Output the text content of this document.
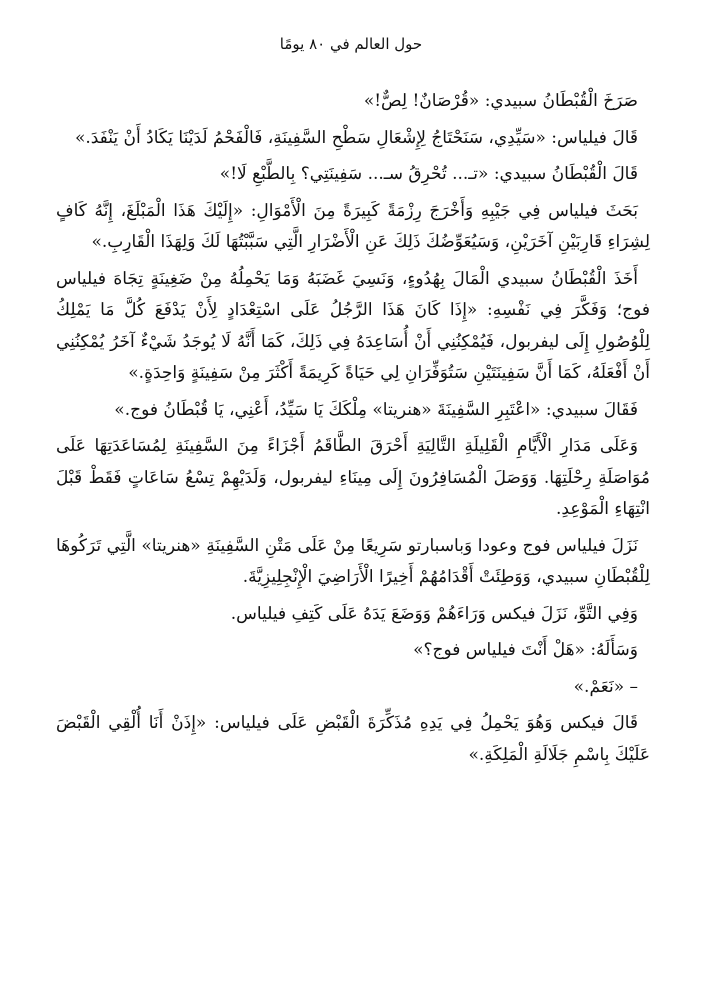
حول العالم في ٨٠ يومًا

صَرَخَ الْقُبْطَانُ سبيدي: «قُرْصَانٌ! لِصٌّ!»

قَالَ فيلياس: «سَيِّدِي، سَنَحْتَاجُ لِإِشْعَالِ سَطْحِ السَّفِينَةِ، فَالْفَحْمُ لَدَيْنَا يَكَادُ أَنْ يَنْفَدَ.»

قَالَ الْقُبْطَانُ سبيدي: «تـ... تُحْرِقُ سـ... سَفِينَتِي؟ بِالطَّبْعِ لَا!»

بَحَثَ فيلياس فِي جَيْبِهِ وَأَخْرَجَ رِزْمَةً كَبِيرَةً مِنَ الْأَمْوَالِ: «إِلَيْكَ هَذَا الْمَبْلَغَ، إِنَّهُ كَافٍ لِشِرَاءِ قَارِبَيْنِ آخَرَيْنِ، وَسَيُعَوِّضُكَ ذَلِكَ عَنِ الْأَضْرَارِ الَّتِي سَبَّبْتُهَا لَكَ وَلِهَذَا الْقَارِبِ.»

أَخَذَ الْقُبْطَانُ سبيدي الْمَالَ بِهُدُوءٍ، وَنَسِيَ غَضَبَهُ وَمَا يَحْمِلُهُ مِنْ ضَغِينَةٍ تِجَاهَ فيلياس فوج؛ وَفَكَّرَ فِي نَفْسِهِ: «إِذَا كَانَ هَذَا الرَّجُلُ عَلَى اسْتِعْدَادٍ لِأَنْ يَدْفَعَ كُلَّ مَا يَمْلِكُ لِلْوُصُولِ إِلَى ليفربول، فَيُمْكِنُنِي أَنْ أُسَاعِدَهُ فِي ذَلِكَ، كَمَا أَنَّهُ لَا يُوجَدُ شَيْءٌ آخَرُ يُمْكِنُنِي أَنْ أَفْعَلَهُ، كَمَا أَنَّ سَفِينَتَيْنِ سَتُوَفِّرَانِ لِي حَيَاةً كَرِيمَةً أَكْثَرَ مِنْ سَفِينَةٍ وَاحِدَةٍ.»

فَقَالَ سبيدي: «اعْتَبِرِ السَّفِينَةَ «هنريتا» مِلْكَكَ يَا سَيِّدُ، أَعْنِي، يَا قُبْطَانُ فوج.»

وَعَلَى مَدَارِ الْأَيَّامِ الْقَلِيلَةِ التَّالِيَةِ أَحْرَقَ الطَّاقَمُ أَجْزَاءً مِنَ السَّفِينَةِ لِمُسَاعَدَتِهَا عَلَى مُوَاصَلَةِ رِحْلَتِهَا. وَوَصَلَ الْمُسَافِرُونَ إِلَى مِينَاءِ ليفربول، وَلَدَيْهِمْ تِسْعُ سَاعَاتٍ فَقَطْ قَبْلَ انْتِهَاءِ الْمَوْعِدِ.

نَزَلَ فيلياس فوج وعودا وَباسبارتو سَرِيعًا مِنْ عَلَى مَتْنِ السَّفِينَةِ «هنريتا» الَّتِي تَرَكُوهَا لِلْقُبْطَانِ سبيدي، وَوَطِئَتْ أَقْدَامُهُمْ أَخِيرًا الْأَرَاضِيَ الْإِنْجِلِيزِيَّةَ.

وَفِي التَّوِّ، نَزَلَ فيكس وَرَاءَهُمْ وَوَضَعَ يَدَهُ عَلَى كَتِفِ فيلياس.

وَسَأَلَهُ: «هَلْ أَنْتَ فيلياس فوج؟»

– «نَعَمْ.»

قَالَ فيكس وَهُوَ يَحْمِلُ فِي يَدِهِ مُذَكِّرَةَ الْقَبْضِ عَلَى فيلياس: «إِذَنْ أَنَا أُلْقِي الْقَبْضَ عَلَيْكَ بِاسْمِ جَلَالَةِ الْمَلِكَةِ.»
